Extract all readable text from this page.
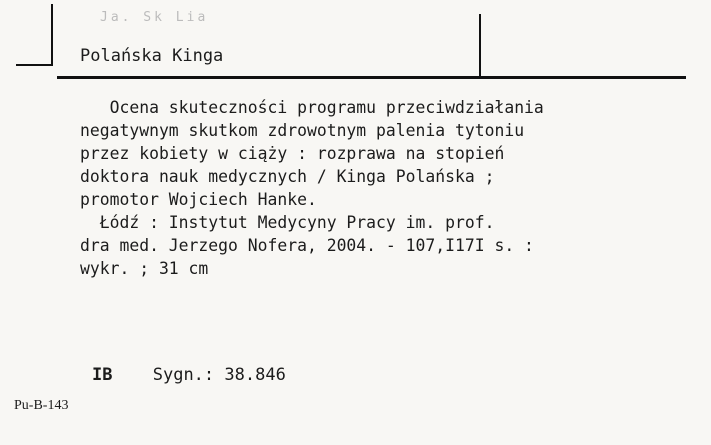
Ja. Sk Lia
Polańska Kinga

Ocena skuteczności programu przeciwdziałania

negatywnym skutkom zdrowotnym palenia tytoniu

przez kobiety w ciąży : rozprawa na stopień

doktora nauk medycznych / Kinga Polańska ;

promotor Wojciech Hanke.

Łódź : Instytut Medycyny Pracy im. prof.

dra med. Jerzego Nofera, 2004. - 107,I17I s. :

wykr. ; 31 cm

IB Sygn.: 38.846
Pu-B-143
